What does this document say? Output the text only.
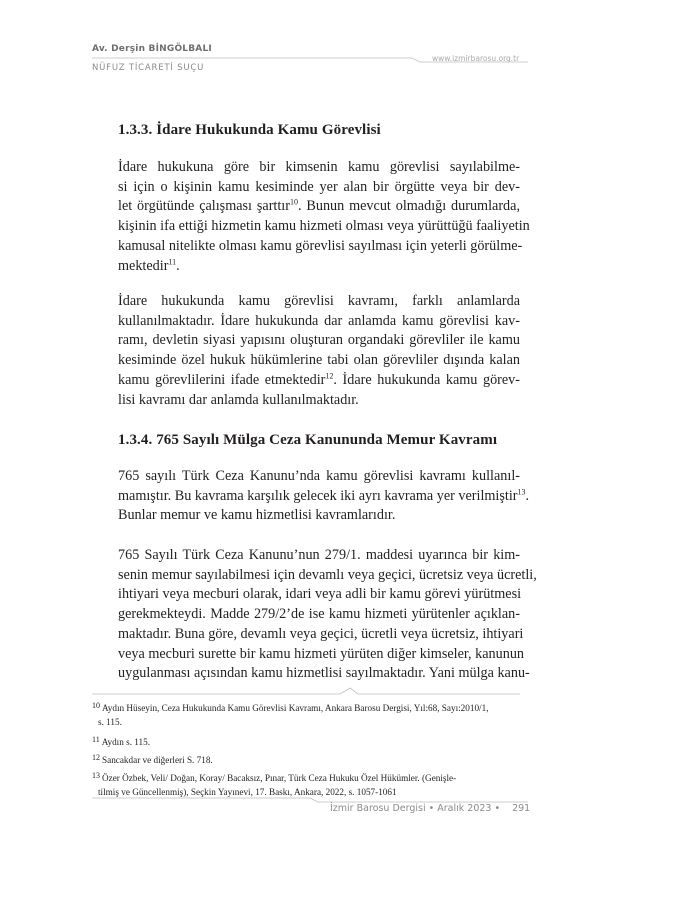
Av. Derşin BİNGÖLBALI
NÜFUZ TİCARETİ SUÇU
www.izmirbarosu.org.tr
1.3.3. İdare Hukukunda Kamu Görevlisi
İdare hukukuna göre bir kimsenin kamu görevlisi sayılabilme-
si için o kişinin kamu kesiminde yer alan bir örgütte veya bir dev-
let örgütünde çalışması şarttır$^{10}$. Bunun mevcut olmadığı durumlarda,
kişinin ifa ettiği hizmetin kamu hizmeti olması veya yürüttüğü faaliyetin
kamusal nitelikte olması kamu görevlisi sayılması için yeterli görülme-
mektedir$^{11}$.
İdare hukukunda kamu görevlisi kavramı, farklı anlamlarda
kullanılmaktadır. İdare hukukunda dar anlamda kamu görevlisi kav-
ramı, devletin siyasi yapısını oluşturan organdaki görevliler ile kamu
kesiminde özel hukuk hükümlerine tabi olan görevliler dışında kalan
kamu görevlilerini ifade etmektedir$^{12}$. İdare hukukunda kamu görev-
lisi kavramı dar anlamda kullanılmaktadır.
1.3.4. 765 Sayılı Mülga Ceza Kanununda Memur Kavramı
765 sayılı Türk Ceza Kanunu’nda kamu görevlisi kavramı kullanıl-
mamıştır. Bu kavrama karşılık gelecek iki ayrı kavrama yer verilmiştir$^{13}$.
Bunlar memur ve kamu hizmetlisi kavramlarıdır.
765 Sayılı Türk Ceza Kanunu’nun 279/1. maddesi uyarınca bir kim-
senin memur sayılabilmesi için devamlı veya geçici, ücretsiz veya ücretli,
ihtiyari veya mecburi olarak, idari veya adli bir kamu görevi yürütmesi
gerekmekteydi. Madde 279/2’de ise kamu hizmeti yürütenler açıklan-
maktadır. Buna göre, devamlı veya geçici, ücretli veya ücretsiz, ihtiyari
veya mecburi surette bir kamu hizmeti yürüten diğer kimseler, kanunun
uygulanması açısından kamu hizmetlisi sayılmaktadır. Yani mülga kanu-
10 Aydın Hüseyin, Ceza Hukukunda Kamu Görevlisi Kavramı, Ankara Barosu Dergisi, Yıl:68, Sayı:2010/1,
s. 115.
11 Aydın s. 115.
12 Sancakdar ve diğerleri S. 718.
13 Özer Özbek, Veli/ Doğan, Koray/ Bacaksız, Pınar, Türk Ceza Hukuku Özel Hükümler. (Genişle-
tilmiş ve Güncellenmiş), Seçkin Yayınevi, 17. Baskı, Ankara, 2022, s. 1057-1061
İzmir Barosu Dergisi • Aralık 2023 • 291
